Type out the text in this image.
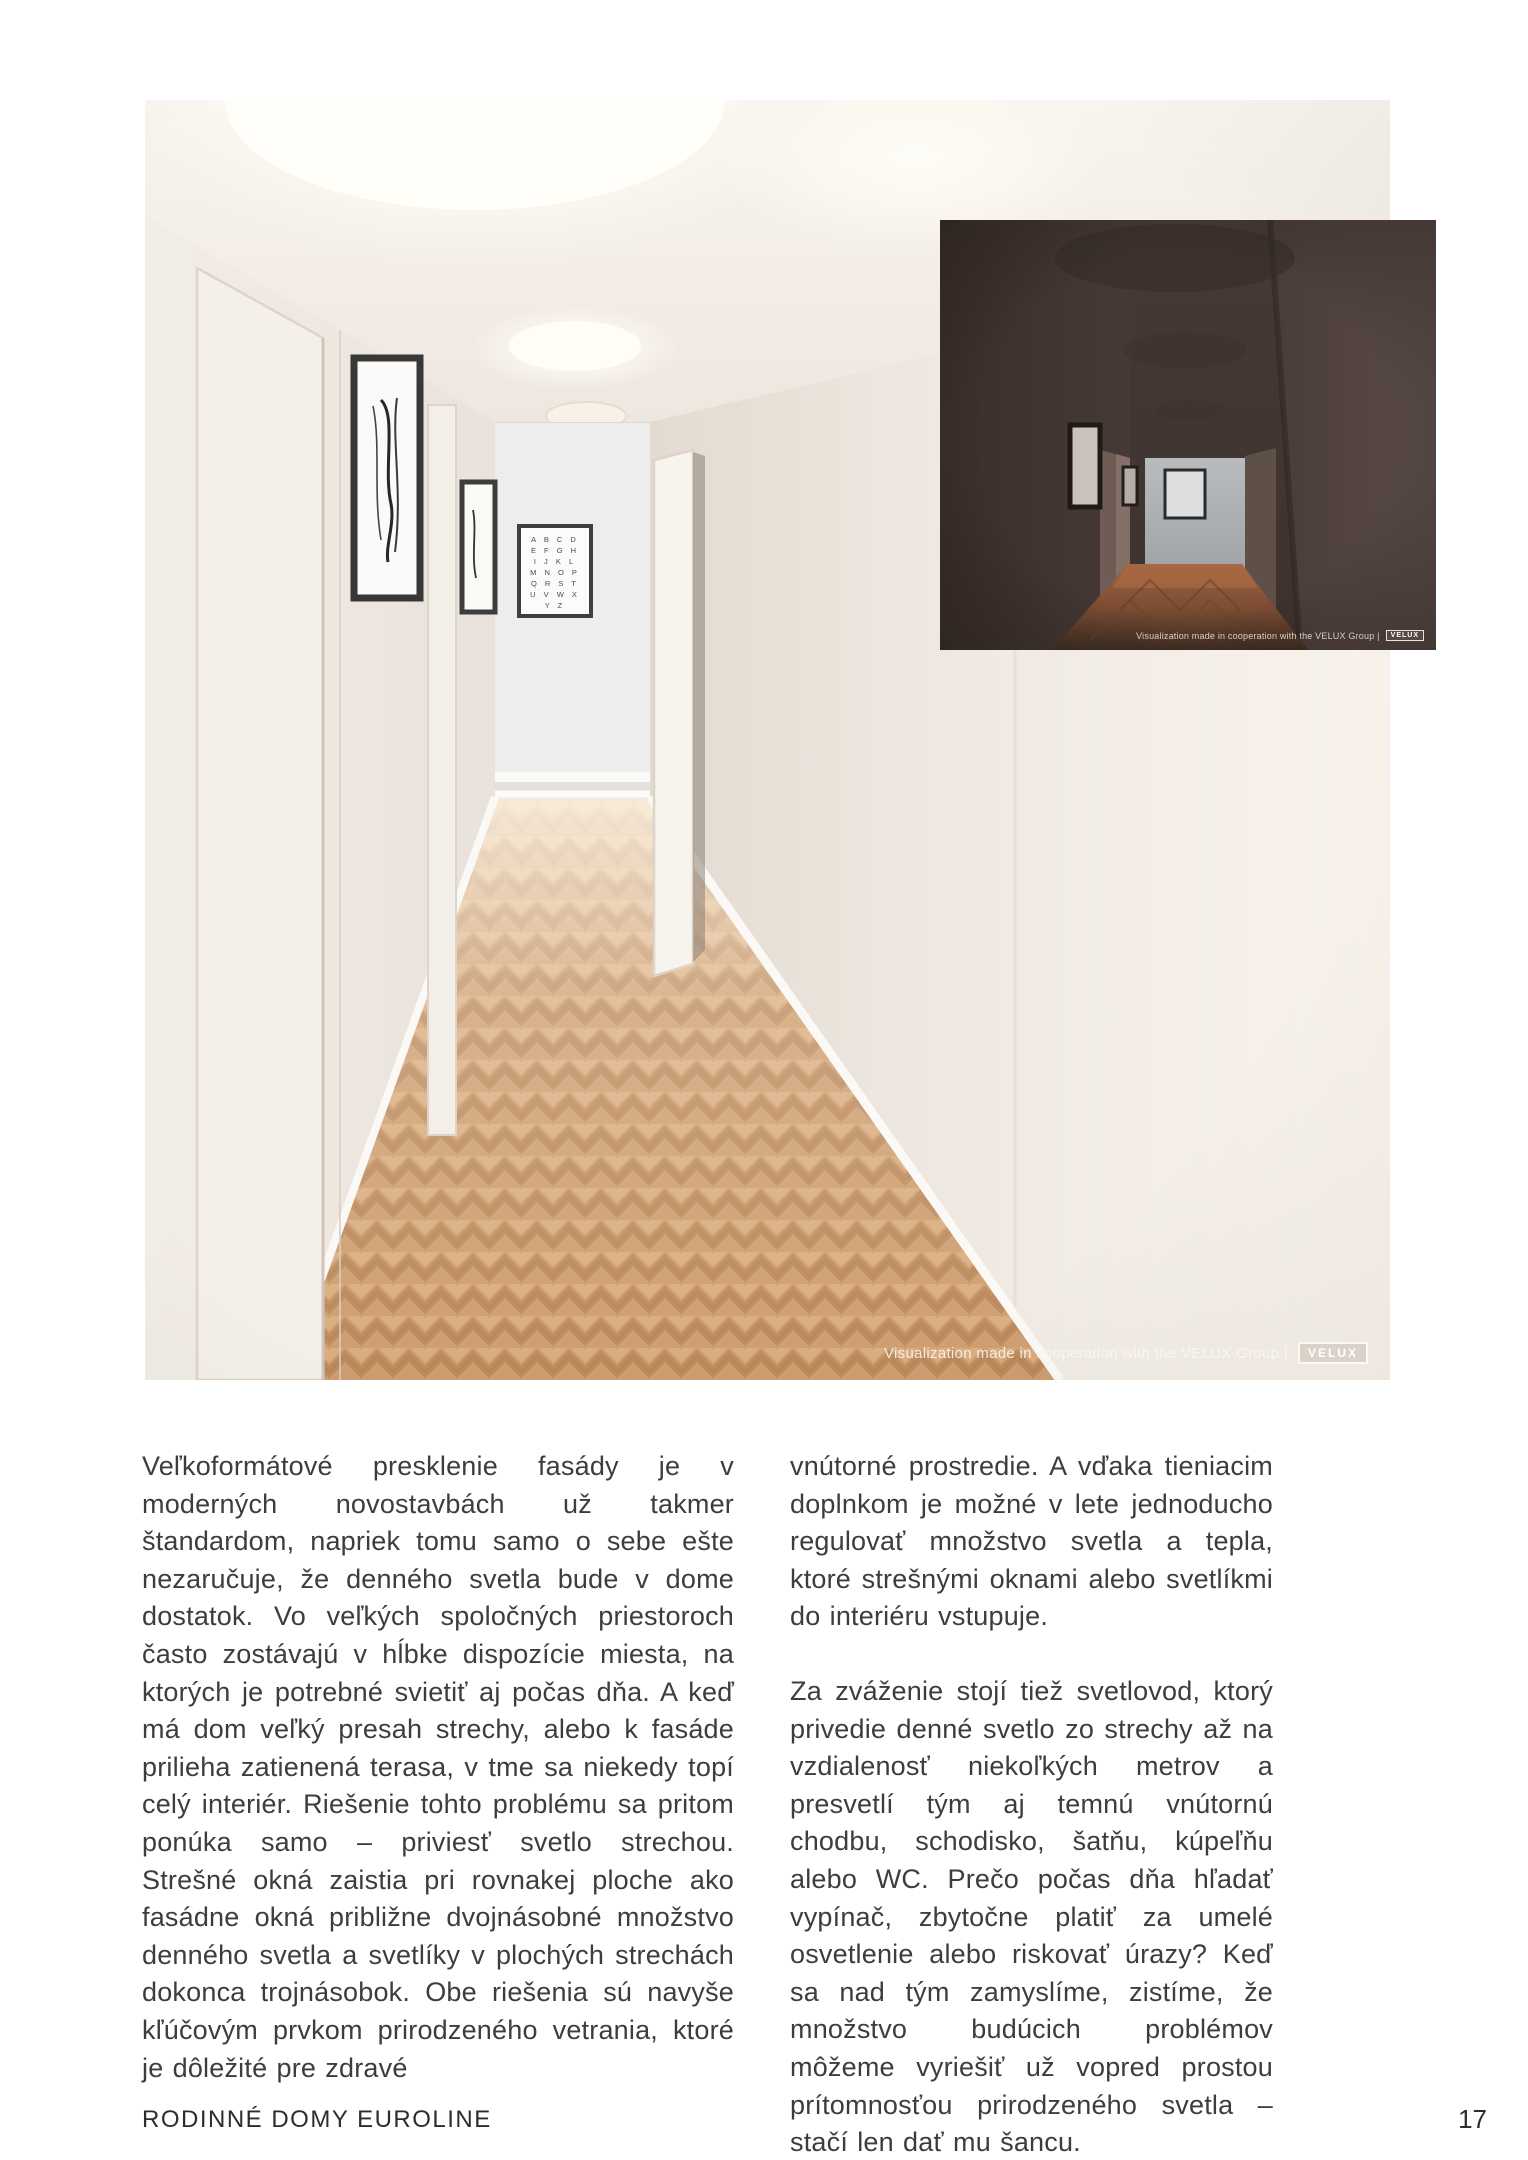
Visualization made in cooperation with the VELUX Group |	VELUX
Visualization made in cooperation with the VELUX Group |	VELUX

Veľkoformátové presklenie fasády je v moderných novostavbách už takmer štandardom, napriek tomu samo o sebe ešte nezaručuje, že denného svetla bude v dome dostatok. Vo veľkých spoločných priestoroch často zostávajú v hĺbke dispozície miesta, na ktorých je potrebné svietiť aj počas dňa. A keď má dom veľký presah strechy, alebo k fasáde prilieha zatienená terasa, v tme sa niekedy topí celý interiér. Riešenie tohto problému sa pritom ponúka samo – priviesť svetlo strechou. Strešné okná zaistia pri rovnakej ploche ako fasádne okná približne dvojnásobné množstvo denného svetla a svetlíky v plochých strechách dokonca trojnásobok. Obe riešenia sú navyše kľúčovým prvkom prirodzeného vetrania, ktoré je dôležité pre zdravé

vnútorné prostredie. A vďaka tieniacim doplnkom je možné v lete jednoducho regulovať množstvo svetla a tepla, ktoré strešnými oknami alebo svetlíkmi do interiéru vstupuje.

Za zváženie stojí tiež svetlovod, ktorý privedie denné svetlo zo strechy až na vzdialenosť niekoľkých metrov a presvetlí tým aj temnú vnútornú chodbu, schodisko, šatňu, kúpeľňu alebo WC. Prečo počas dňa hľadať vypínač, zbytočne platiť za umelé osvetlenie alebo riskovať úrazy? Keď sa nad tým zamyslíme, zistíme, že množstvo budúcich problémov môžeme vyriešiť už vopred prostou prítomnosťou prirodzeného svetla – stačí len dať mu šancu.

RODINNÉ DOMY EUROLINE	17
